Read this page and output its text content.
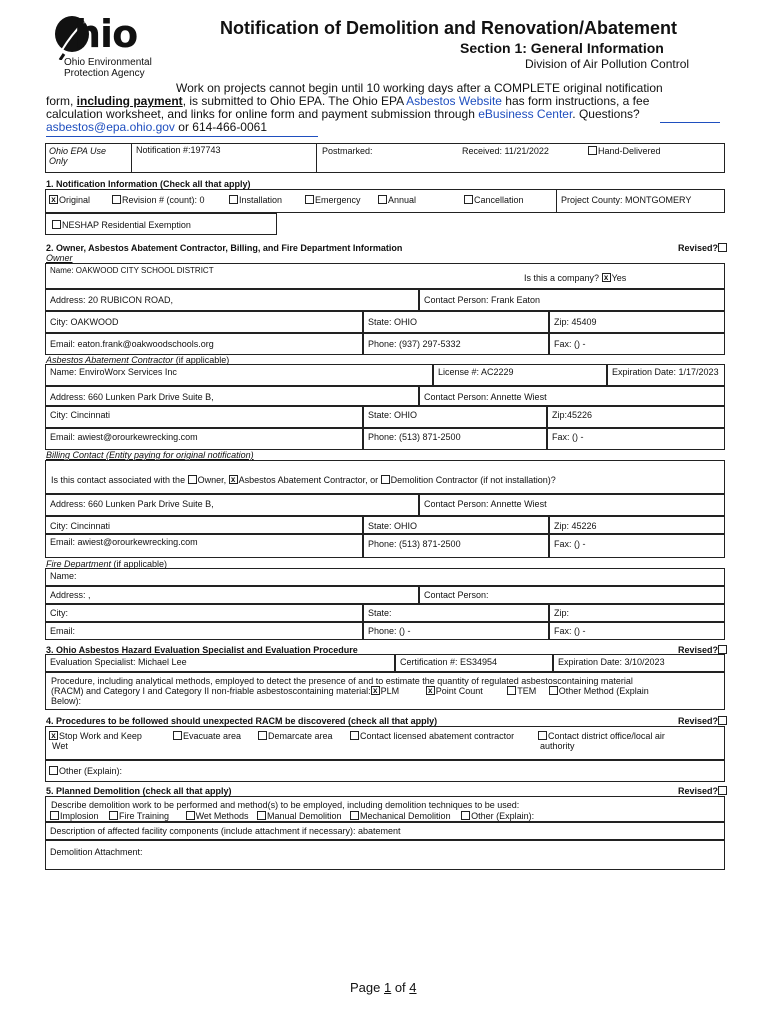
hio
Ohio Environmental
Protection Agency
Notification of Demolition and Renovation/Abatement
Section 1: General Information
Division of Air Pollution Control
Work on projects cannot begin until 10 working days after a COMPLETE original notification
form, including payment, is submitted to Ohio EPA. The Ohio EPA Asbestos Website has form instructions, a fee
calculation worksheet, and links for online form and payment submission through eBusiness Center. Questions?
asbestos@epa.ohio.gov or 614-466-0061
Ohio EPA Use Only
Notification #:197743	Postmarked:	Received: 11/21/2022	Hand-Delivered
1. Notification Information (Check all that apply)
x Original	Revision # (count): 0	Installation	Emergency	Annual	Cancellation	Project County: MONTGOMERY
NESHAP Residential Exemption
2. Owner, Asbestos Abatement Contractor, Billing, and Fire Department Information	Revised?
Owner
Name: OAKWOOD CITY SCHOOL DISTRICT
Is this a company? x Yes
Address: 20 RUBICON ROAD,	Contact Person: Frank Eaton
City: OAKWOOD	State: OHIO	Zip: 45409
Email: eaton.frank@oakwoodschools.org	Phone: (937) 297-5332	Fax: () -
Asbestos Abatement Contractor (if applicable)
Name: EnviroWorx Services Inc	License #: AC2229	Expiration Date: 1/17/2023
Address: 660 Lunken Park Drive Suite B,	Contact Person: Annette Wiest
City: Cincinnati	State: OHIO	Zip:45226
Email: awiest@orourkewrecking.com	Phone: (513) 871-2500	Fax: () -
Billing Contact (Entity paying for original notification)
Is this contact associated with the Owner, x Asbestos Abatement Contractor, or Demolition Contractor (if not installation)?
Address: 660 Lunken Park Drive Suite B,	Contact Person: Annette Wiest
City: Cincinnati	State: OHIO	Zip: 45226
Email: awiest@orourkewrecking.com	Phone: (513) 871-2500	Fax: () -
Fire Department (if applicable)
Name:
Address: ,	Contact Person:
City:	State:	Zip:
Email:	Phone: () -	Fax: () -
3. Ohio Asbestos Hazard Evaluation Specialist and Evaluation Procedure	Revised?
Evaluation Specialist: Michael Lee	Certification #: ES34954	Expiration Date: 3/10/2023
Procedure, including analytical methods, employed to detect the presence of and to estimate the quantity of regulated asbestoscontaining material
(RACM) and Category I and Category II non-friable asbestoscontaining material: x PLM	x Point Count	TEM	Other Method (Explain
Below):
4. Procedures to be followed should unexpected RACM be discovered (check all that apply)	Revised?
x Stop Work and Keep
Wet
Evacuate area	Demarcate area	Contact licensed abatement contractor	Contact district office/local air
authority
Other (Explain):
5. Planned Demolition (check all that apply)	Revised?
Describe demolition work to be performed and method(s) to be employed, including demolition techniques to be used:
Implosion Fire Training	Wet Methods Manual Demolition Mechanical Demolition Other (Explain):
Description of affected facility components (include attachment if necessary): abatement
Demolition Attachment:
Page 1 of 4
